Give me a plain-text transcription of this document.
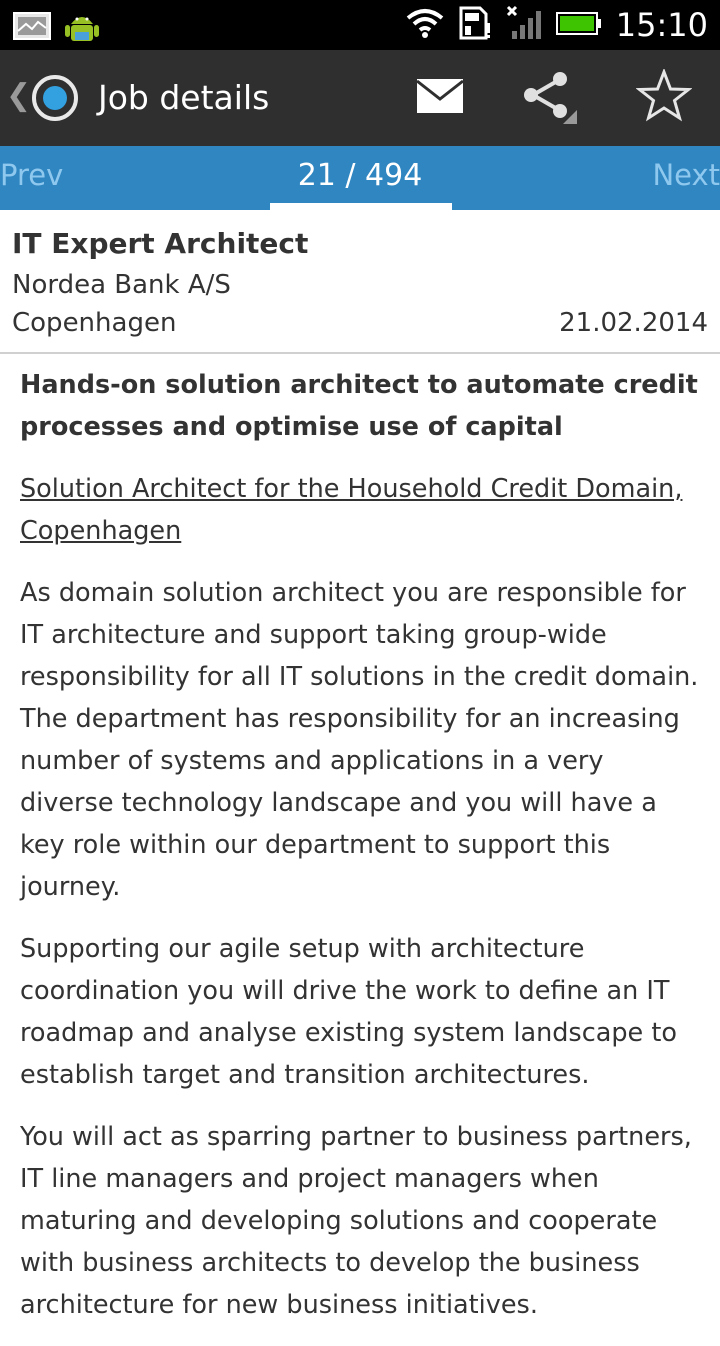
15:10
❮ Job details
Prev	21 / 494	Next
IT Expert Architect
Nordea Bank A/S
Copenhagen	21.02.2014

Hands-on solution architect to automate credit processes and optimise use of capital

Solution Architect for the Household Credit Domain, Copenhagen

As domain solution architect you are responsible for IT architecture and support taking group-wide responsibility for all IT solutions in the credit domain. The department has responsibility for an increasing number of systems and applications in a very diverse technology landscape and you will have a key role within our department to support this journey.

Supporting our agile setup with architecture coordination you will drive the work to define an IT roadmap and analyse existing system landscape to establish target and transition architectures.

You will act as sparring partner to business partners, IT line managers and project managers when maturing and developing solutions and cooperate with business architects to develop the business architecture for new business initiatives.
